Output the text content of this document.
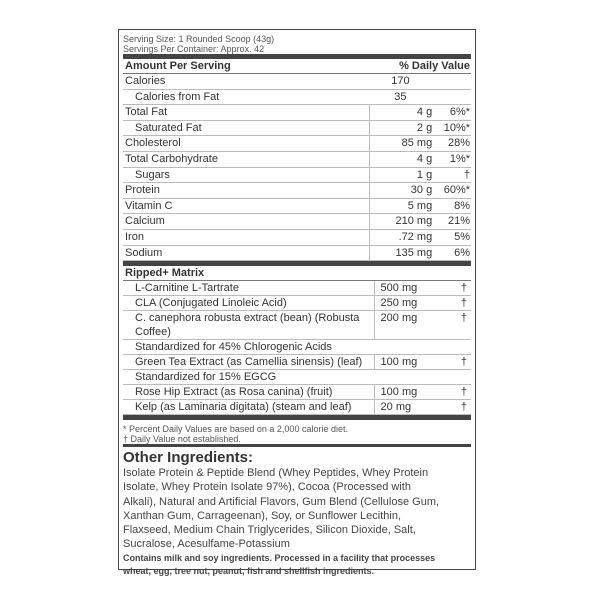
Serving Size: 1 Rounded Scoop (43g)
Servings Per Container: Approx. 42
Amount Per Serving	% Daily Value
Calories	170
Calories from Fat	35
Total Fat	4 g	6%*
Saturated Fat	2 g	10%*
Cholesterol	85 mg	28%
Total Carbohydrate	4 g	1%*
Sugars	1 g	†
Protein	30 g	60%*
Vitamin C	5 mg	8%
Calcium	210 mg	21%
Iron	.72 mg	5%
Sodium	135 mg	6%
Ripped+ Matrix
L-Carnitine L-Tartrate	500 mg	†
CLA (Conjugated Linoleic Acid)	250 mg	†
C. canephora robusta extract (bean) (Robusta
Coffee)
200 mg	†
Standardized for 45% Chlorogenic Acids
Green Tea Extract (as Camellia sinensis) (leaf)	100 mg	†
Standardized for 15% EGCG
Rose Hip Extract (as Rosa canina) (fruit)	100 mg	†
Kelp (as Laminaria digitata) (steam and leaf)	20 mg	†
* Percent Daily Values are based on a 2,000 calorie diet.
† Daily Value not established.
Other Ingredients:
Isolate Protein & Peptide Blend (Whey Peptides, Whey Protein
Isolate, Whey Protein Isolate 97%), Cocoa (Processed with
Alkali), Natural and Artificial Flavors, Gum Blend (Cellulose Gum,
Xanthan Gum, Carrageenan), Soy, or Sunflower Lecithin,
Flaxseed, Medium Chain Triglycerides, Silicon Dioxide, Salt,
Sucralose, Acesulfame-Potassium
Contains milk and soy ingredients. Processed in a facility that processes
wheat, egg, tree nut, peanut, fish and shellfish ingredients.
